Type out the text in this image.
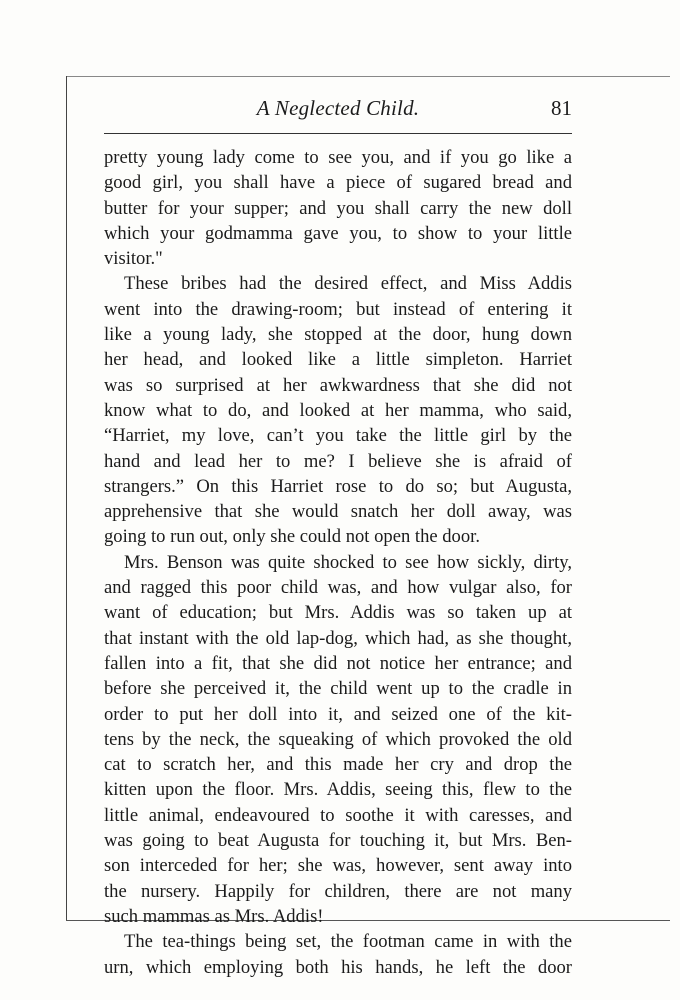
A Neglected Child.	81
pretty young lady come to see you, and if you go like a
good girl, you shall have a piece of sugared bread and
butter for your supper; and you shall carry the new doll
which your godmamma gave you, to show to your little
visitor."
These bribes had the desired effect, and Miss Addis
went into the drawing-room; but instead of entering it
like a young lady, she stopped at the door, hung down
her head, and looked like a little simpleton. Harriet
was so surprised at her awkwardness that she did not
know what to do, and looked at her mamma, who said,
“Harriet, my love, can’t you take the little girl by the
hand and lead her to me? I believe she is afraid of
strangers.” On this Harriet rose to do so; but Augusta,
apprehensive that she would snatch her doll away, was
going to run out, only she could not open the door.
Mrs. Benson was quite shocked to see how sickly, dirty,
and ragged this poor child was, and how vulgar also, for
want of education; but Mrs. Addis was so taken up at
that instant with the old lap-dog, which had, as she thought,
fallen into a fit, that she did not notice her entrance; and
before she perceived it, the child went up to the cradle in
order to put her doll into it, and seized one of the kit-
tens by the neck, the squeaking of which provoked the old
cat to scratch her, and this made her cry and drop the
kitten upon the floor. Mrs. Addis, seeing this, flew to the
little animal, endeavoured to soothe it with caresses, and
was going to beat Augusta for touching it, but Mrs. Ben-
son interceded for her; she was, however, sent away into
the nursery. Happily for children, there are not many
such mammas as Mrs. Addis!
The tea-things being set, the footman came in with the
urn, which employing both his hands, he left the door
